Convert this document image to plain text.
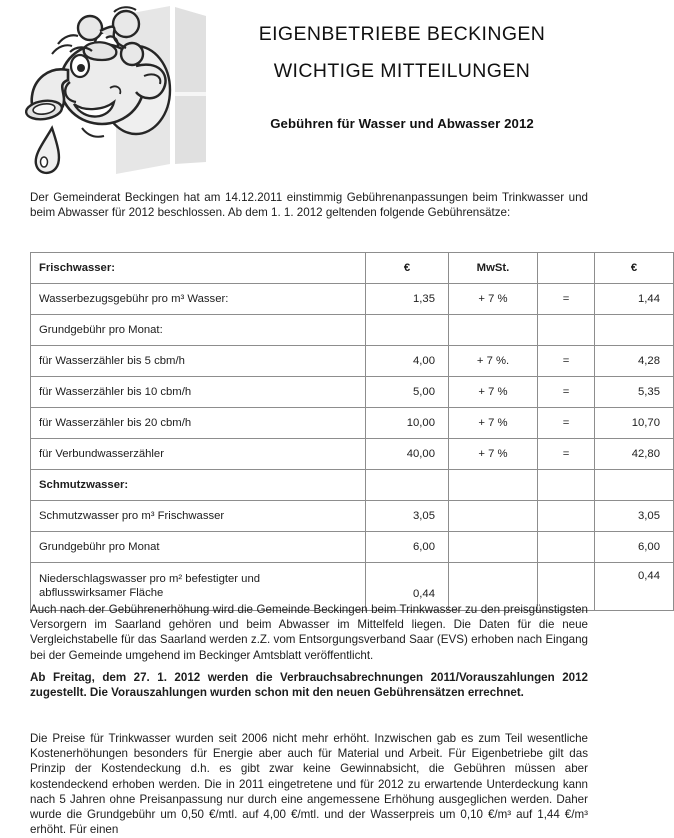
EIGENBETRIEBE BECKINGEN
WICHTIGE MITTEILUNGEN
Gebühren für Wasser und Abwasser 2012
Der Gemeinderat Beckingen hat am 14.12.2011 einstimmig Gebührenanpassungen beim Trinkwasser und beim Abwasser für 2012 beschlossen. Ab dem 1. 1. 2012 geltenden folgende Gebührensätze:
Frischwasser:	€	MwSt.		€
Wasserbezugsgebühr pro m³ Wasser:	1,35	+ 7 %	=	1,44
Grundgebühr pro Monat:				
für Wasserzähler bis 5 cbm/h	4,00	+ 7 %.	=	4,28
für Wasserzähler bis 10 cbm/h	5,00	+ 7 %	=	5,35
für Wasserzähler bis 20 cbm/h	10,00	+ 7 %	=	10,70
für Verbundwasserzähler	40,00	+ 7 %	=	42,80
Schmutzwasser:				
Schmutzwasser pro m³ Frischwasser	3,05			3,05
Grundgebühr pro Monat	6,00			6,00

Niederschlagswasser pro m² befestigter und
abflusswirksamer Fläche	0,44			0,44
Auch nach der Gebührenerhöhung wird die Gemeinde Beckingen beim Trinkwasser zu den preisgünstigsten Versorgern im Saarland gehören und beim Abwasser im Mittelfeld liegen. Die Daten für die neue Vergleichstabelle für das Saarland werden z.Z. vom Entsorgungsverband Saar (EVS) erhoben nach Eingang bei der Gemeinde umgehend im Beckinger Amtsblatt veröffentlicht.
Ab Freitag, dem 27. 1. 2012 werden die Verbrauchsabrechnungen 2011/Vorauszahlungen 2012 zugestellt. Die Vorauszahlungen wurden schon mit den neuen Gebührensätzen errechnet.
Die Preise für Trinkwasser wurden seit 2006 nicht mehr erhöht. Inzwischen gab es zum Teil wesentliche Kostenerhöhungen besonders für Energie aber auch für Material und Arbeit. Für Eigenbetriebe gilt das Prinzip der Kostendeckung d.h. es gibt zwar keine Gewinnabsicht, die Gebühren müssen aber kostendeckend erhoben werden. Die in 2011 eingetretene und für 2012 zu erwartende Unterdeckung kann nach 5 Jahren ohne Preisanpassung nur durch eine angemessene Erhöhung ausgeglichen werden. Daher wurde die Grundgebühr um 0,50 €/mtl. auf 4,00 €/mtl. und der Wasserpreis um 0,10 €/m³ auf 1,44 €/m³ erhöht. Für einen
